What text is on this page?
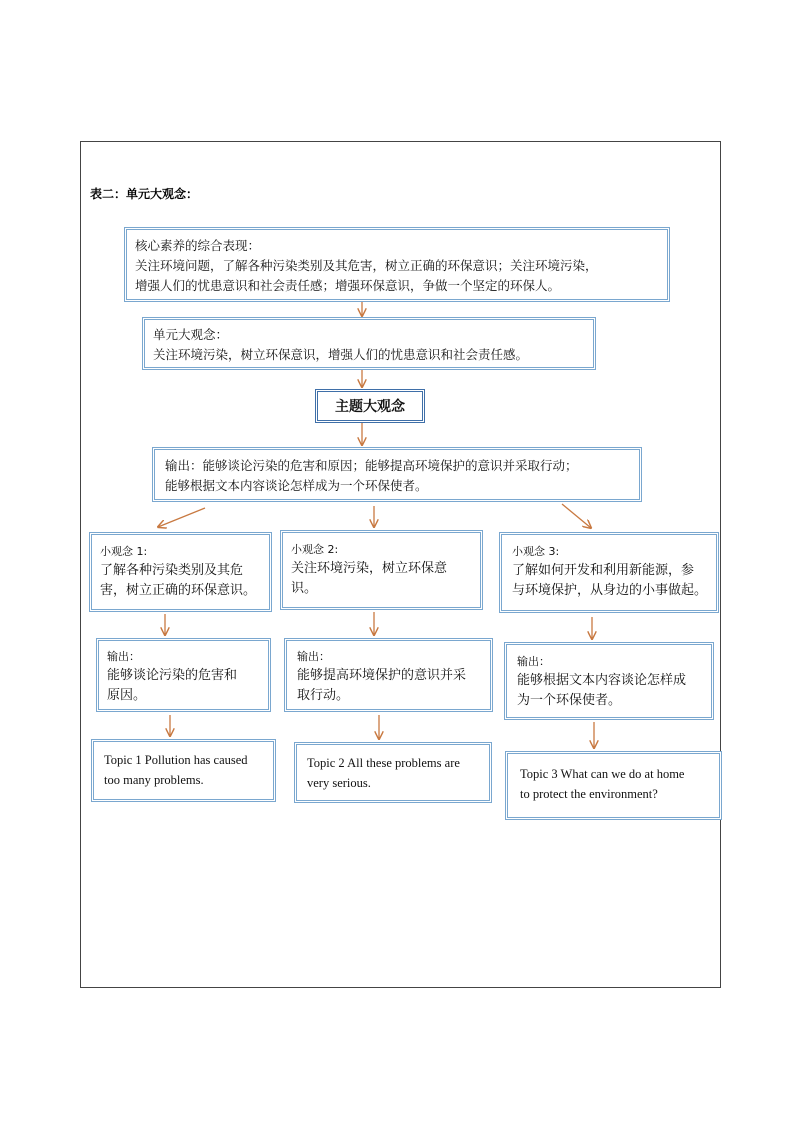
表二：单元大观念：
核心素养的综合表现：
关注环境问题，了解各种污染类别及其危害，树立正确的环保意识；关注环境污染，
增强人们的忧患意识和社会责任感；增强环保意识，争做一个坚定的环保人。
单元大观念：
关注环境污染，树立环保意识，增强人们的忧患意识和社会责任感。
主题大观念
输出：能够谈论污染的危害和原因；能够提高环境保护的意识并采取行动；
能够根据文本内容谈论怎样成为一个环保使者。
小观念 1:
了解各种污染类别及其危
害，树立正确的环保意识。
输出：
能够谈论污染的危害和
原因。
Topic 1 Pollution has caused
too many problems.
小观念 2:
关注环境污染，树立环保意
识。
输出：
能够提高环境保护的意识并采
取行动。
Topic 2 All these problems are
very serious.
小观念 3:
了解如何开发和利用新能源，参
与环境保护，从身边的小事做起。
输出：
能够根据文本内容谈论怎样成
为一个环保使者。
Topic 3 What can we do at home
to protect the environment?
